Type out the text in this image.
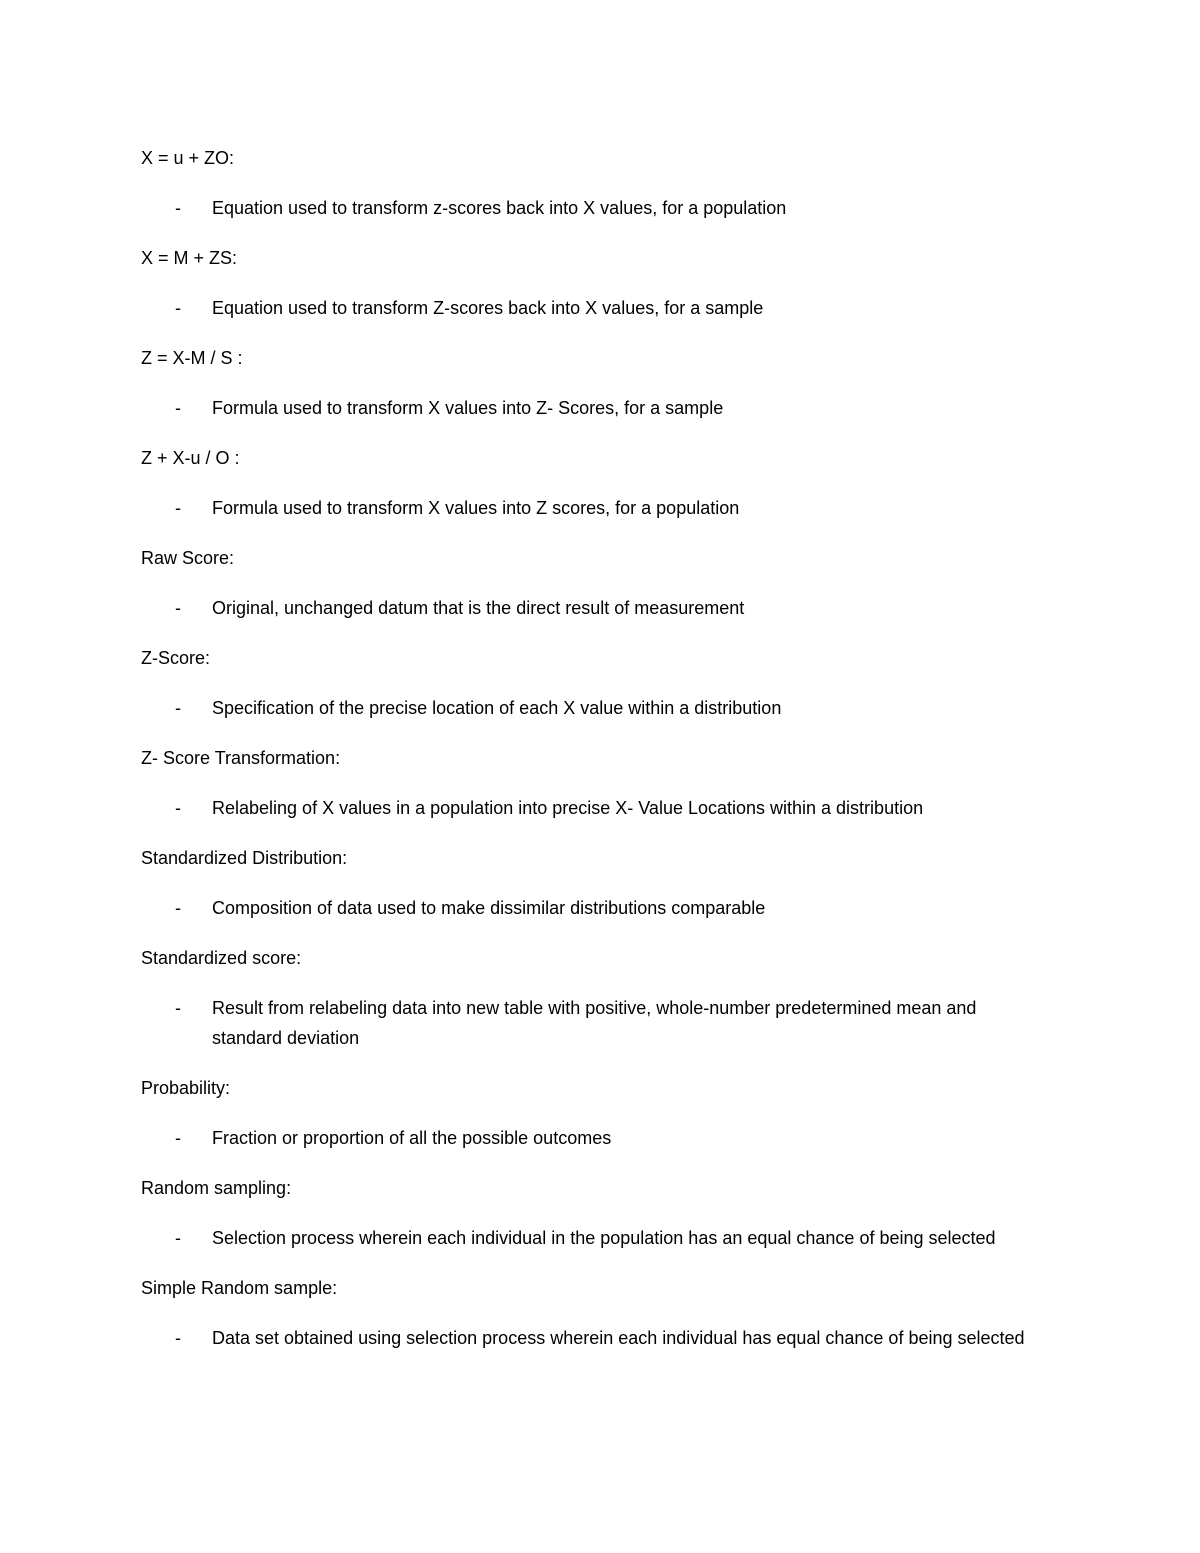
X = u + ZO:

- Equation used to transform z-scores back into X values, for a population

X = M + ZS:

- Equation used to transform Z-scores back into X values, for a sample

Z = X-M / S :

- Formula used to transform X values into Z- Scores, for a sample

Z + X-u / O :

- Formula used to transform X values into Z scores, for a population

Raw Score:

- Original, unchanged datum that is the direct result of measurement

Z-Score:

- Specification of the precise location of each X value within a distribution

Z- Score Transformation:

- Relabeling of X values in a population into precise X- Value Locations within a distribution

Standardized Distribution:

- Composition of data used to make dissimilar distributions comparable

Standardized score:

- Result from relabeling data into new table with positive, whole-number predetermined mean and standard deviation

Probability:

- Fraction or proportion of all the possible outcomes

Random sampling:

- Selection process wherein each individual in the population has an equal chance of being selected

Simple Random sample:

- Data set obtained using selection process wherein each individual has equal chance of being selected
